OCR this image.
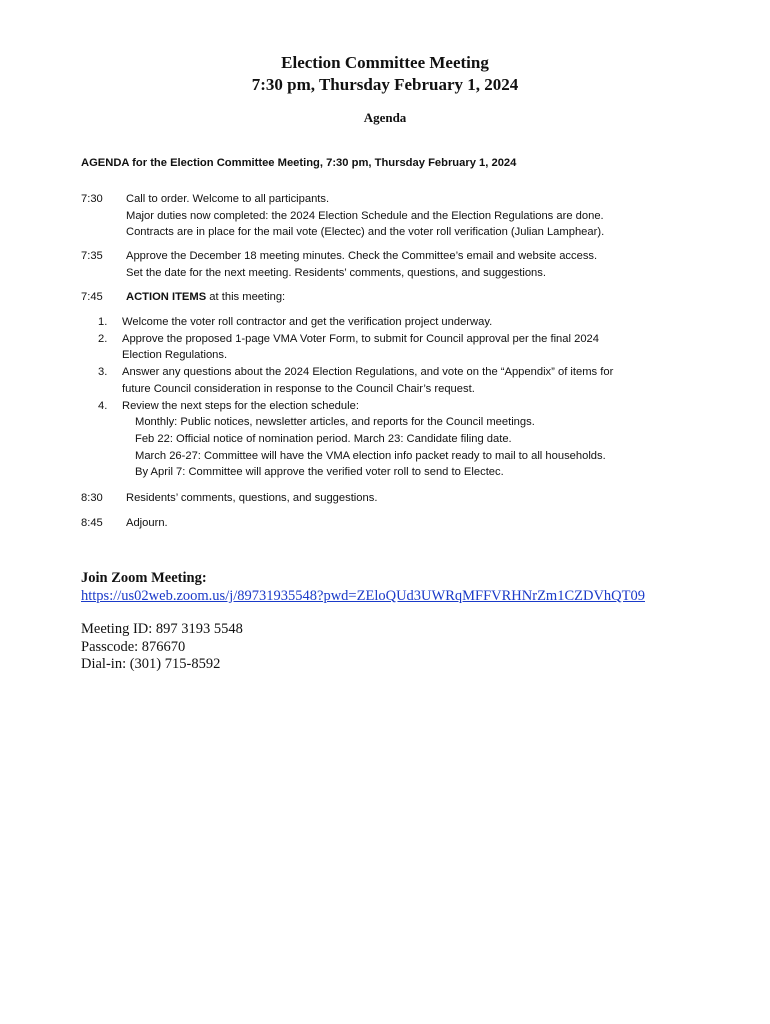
Election Committee Meeting
7:30 pm, Thursday February 1, 2024
Agenda
AGENDA for the Election Committee Meeting, 7:30 pm, Thursday February 1, 2024
7:30	Call to order. Welcome to all participants.
Major duties now completed: the 2024 Election Schedule and the Election Regulations are done.
Contracts are in place for the mail vote (Electec) and the voter roll verification (Julian Lamphear).
7:35	Approve the December 18 meeting minutes. Check the Committee’s email and website access.
Set the date for the next meeting. Residents’ comments, questions, and suggestions.
7:45	ACTION ITEMS at this meeting:
1. Welcome the voter roll contractor and get the verification project underway.
2. Approve the proposed 1-page VMA Voter Form, to submit for Council approval per the final 2024
Election Regulations.
3. Answer any questions about the 2024 Election Regulations, and vote on the “Appendix” of items for
future Council consideration in response to the Council Chair’s request.
4. Review the next steps for the election schedule:
Monthly: Public notices, newsletter articles, and reports for the Council meetings.
Feb 22: Official notice of nomination period. March 23: Candidate filing date.
March 26-27: Committee will have the VMA election info packet ready to mail to all households.
By April 7: Committee will approve the verified voter roll to send to Electec.
8:30	Residents’ comments, questions, and suggestions.
8:45	Adjourn.
Join Zoom Meeting:
https://us02web.zoom.us/j/89731935548?pwd=ZEloQUd3UWRqMFFVRHNrZm1CZDVhQT09
Meeting ID: 897 3193 5548
Passcode: 876670
Dial-in: (301) 715-8592
